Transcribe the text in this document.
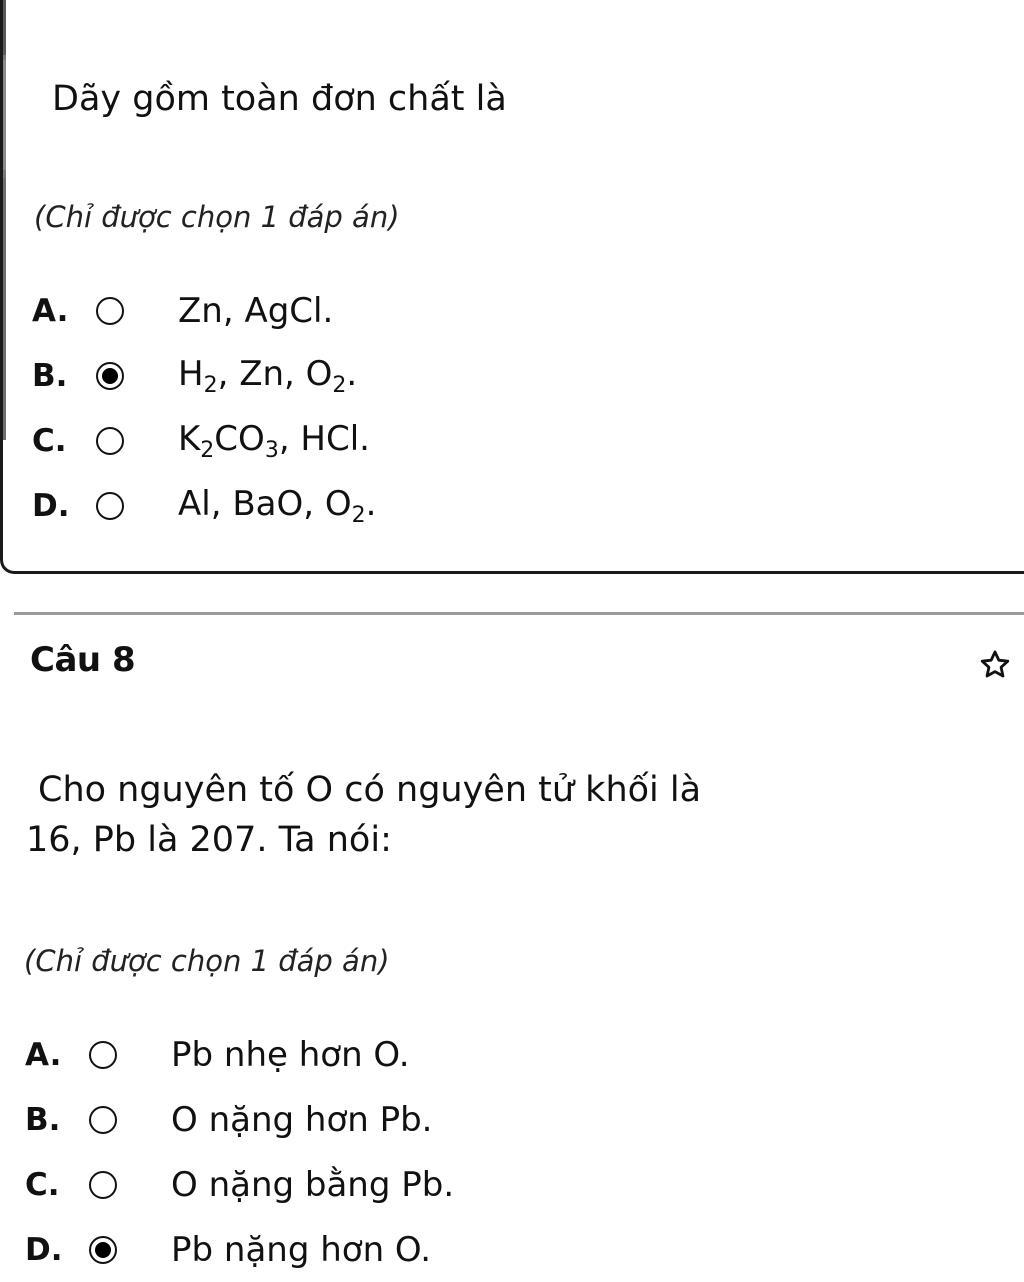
Dãy gồm toàn đơn chất là
(Chỉ được chọn 1 đáp án)
A.	Zn, AgCl.
B.	$H_2$, Zn, $O_2$.
C.	$K_2CO_3$, HCl.
D.	Al, BaO, $O_2$.
Câu 8
Cho nguyên tố O có nguyên tử khối là
16, Pb là 207. Ta nói:
(Chỉ được chọn 1 đáp án)
A.	Pb nhẹ hơn O.
B.	O nặng hơn Pb.
C.	O nặng bằng Pb.
D.	Pb nặng hơn O.
